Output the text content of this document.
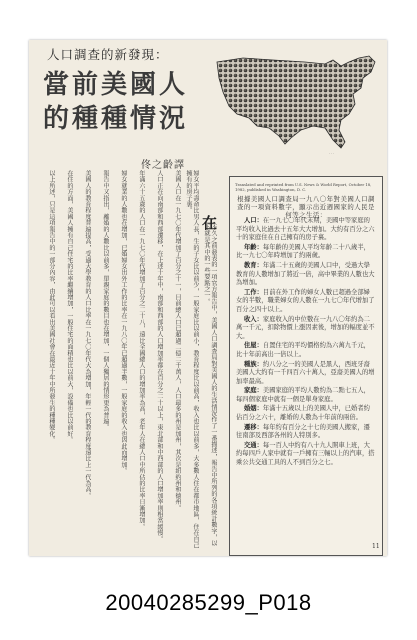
人口調查的新發現：
當前美國人
的種種情況
· · ·
佟之齡譯
在
不久之前發表的一項官方報告中，美國人口調查局對美國人的生活情況作了一番描述，報告中所列的各項統計數字，以下就是其中的一些要點之一。
婦女平均壽命比男人長，生的子女比以前少，一般家庭比以前小，教育程度比以前高，收入也比以前多，大多數人住在都市地區，住在自己擁有的房子裏。
美國人口在一九七〇年代增加了百分之十一，目前總人口已超過二億二千萬人，人口最多的州是加州，其次是紐約州和德州。
人口正在向南部和西部遷移，在上述十年中，南部和西部的人口增加率都在百分之二十以上，東北部和中西部的人口增加率則相當緩慢。
年滿六十五歲的人口在一九七〇年代增加了百分之二十八，遠比全國總人口的增加率為高，老年人在總人口中所佔的比率日漸增加。
婦女就業的人數也在增加，已婚婦女出外工作的比率在一九八〇年已超過半數，一般家庭的收入也因此而增加。
報告中又指出，離婚的人數比以前多，單親家庭的數目也在增加，一個人獨居的情形更為普遍。
美國人的教育程度普遍提高，受過大學教育的人口比率在一九七〇年代大為增加，年輕一代的教育程度遠比上一代為高。
在住的方面，美國人擁有自己住宅的比率繼續增加，一般住宅的面積也比以前大，設備也比以前好。
以上所述，只是這項報告中的一部分內容，由此可以看出美國社會在最近十年中所發生的種種變化。	Translated and reprinted from U.S. News & World Report, October 18, 1982, published in Washington, D. C.
根據美國人口調查局一九八〇年對美國人口調查的一項資料數字，顯示出近週國家的人民是何等之生活：

人口：在一九七〇年代末期，美國中等家庭的平均收入比過去十五年大大增加。大約有百分之六十的家庭住在自己擁有的房子裏。

年齡：每年齡的美國人平均年齡二十八歲半，比一九七〇年時增加了約兩歲。

教育：年滿二十五歲的美國人口中，受過大學教育的人數增加了將近一倍，高中畢業的人數也大為增加。

工作：目前在外工作的婦女人數已超過全部婦女的半數，職業婦女的人數在一九七〇年代增加了百分之四十以上。

收入：家庭收入的中位數在一九八〇年約為二萬一千元，扣除物價上漲因素後，增加的幅度並不大。

住屋：自置住宅的平均價格約為六萬九千元，比十年前高出一倍以上。

種族：約八分之一的美國人是黑人，西班牙裔美國人大約有一千四百六十萬人，亞裔美國人的增加率最高。

家庭：美國家庭的平均人數約為二點七五人，每四個家庭中就有一個是單身家庭。

婚姻：年滿十五歲以上的美國人中，已婚者約佔百分之六十，離婚的人數為十年前的兩倍。

遷移：每年約有百分之十七的美國人搬家，遷往南部及西部各州的人特別多。

交通：每一百人中約有八十九人開車上班，大約每四戶人家中就有一戶擁有三輛以上的汽車，搭乘公共交通工具的人不到百分之七。

11
20040285299_P018
